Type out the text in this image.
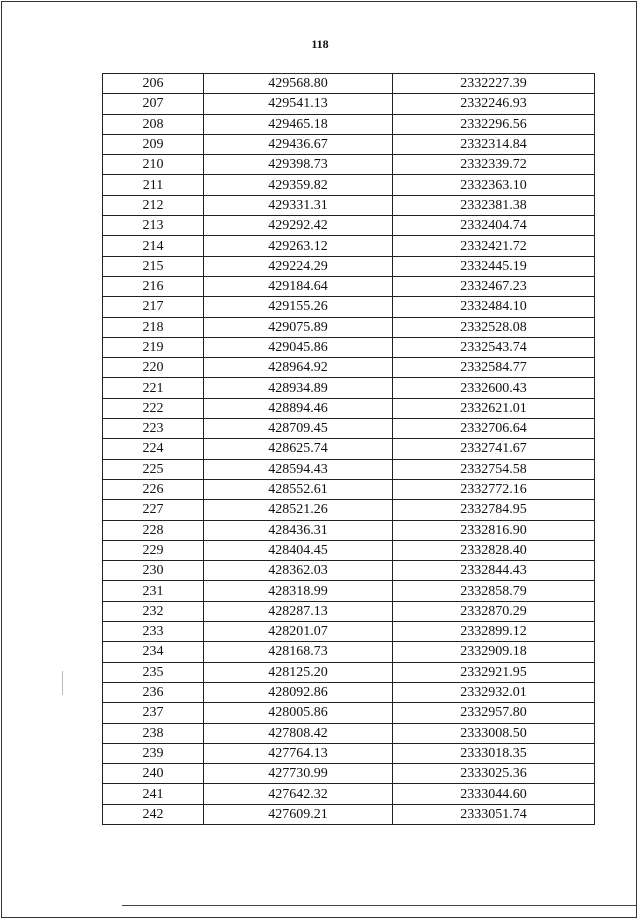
118
206	429568.80	2332227.39
207	429541.13	2332246.93
208	429465.18	2332296.56
209	429436.67	2332314.84
210	429398.73	2332339.72
211	429359.82	2332363.10
212	429331.31	2332381.38
213	429292.42	2332404.74
214	429263.12	2332421.72
215	429224.29	2332445.19
216	429184.64	2332467.23
217	429155.26	2332484.10
218	429075.89	2332528.08
219	429045.86	2332543.74
220	428964.92	2332584.77
221	428934.89	2332600.43
222	428894.46	2332621.01
223	428709.45	2332706.64
224	428625.74	2332741.67
225	428594.43	2332754.58
226	428552.61	2332772.16
227	428521.26	2332784.95
228	428436.31	2332816.90
229	428404.45	2332828.40
230	428362.03	2332844.43
231	428318.99	2332858.79
232	428287.13	2332870.29
233	428201.07	2332899.12
234	428168.73	2332909.18
235	428125.20	2332921.95
236	428092.86	2332932.01
237	428005.86	2332957.80
238	427808.42	2333008.50
239	427764.13	2333018.35
240	427730.99	2333025.36
241	427642.32	2333044.60
242	427609.21	2333051.74
